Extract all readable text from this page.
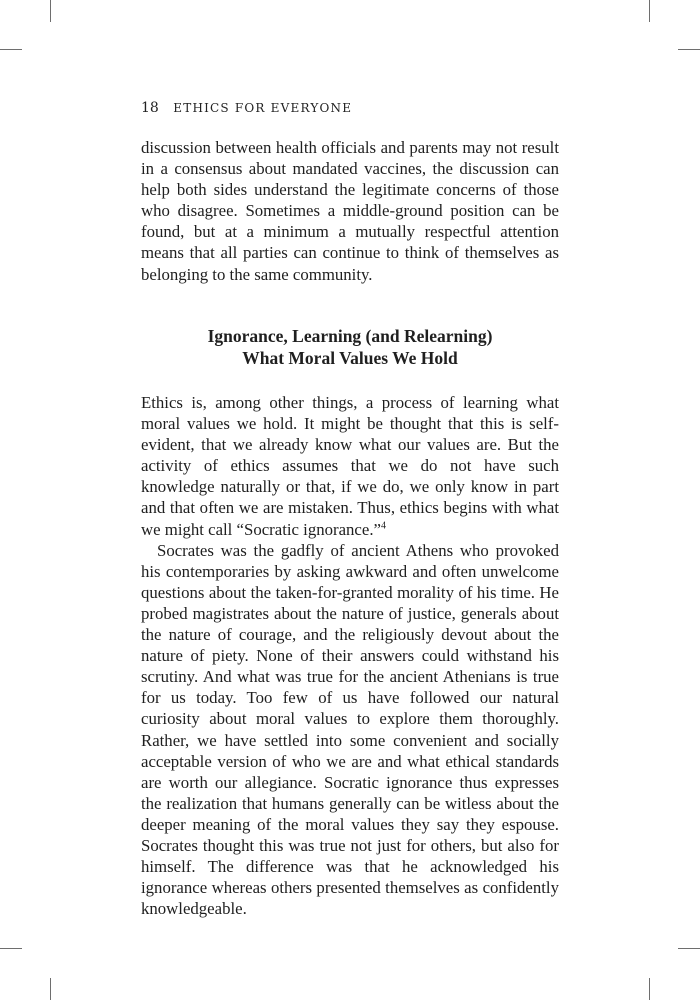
18 ETHICS FOR EVERYONE

discussion between health officials and parents may not result in a consensus about mandated vaccines, the discussion can help both sides understand the legitimate concerns of those who disagree. Sometimes a middle-ground position can be found, but at a minimum a mutually respectful attention means that all parties can continue to think of themselves as belonging to the same community.

Ignorance, Learning (and Relearning)
What Moral Values We Hold

Ethics is, among other things, a process of learning what moral values we hold. It might be thought that this is self-evident, that we already know what our values are. But the activity of ethics assumes that we do not have such knowledge naturally or that, if we do, we only know in part and that often we are mistaken. Thus, ethics begins with what we might call “Socratic ignorance.”$^4$

Socrates was the gadfly of ancient Athens who provoked his contemporaries by asking awkward and often unwelcome questions about the taken-for-granted morality of his time. He probed magistrates about the nature of justice, generals about the nature of courage, and the religiously devout about the nature of piety. None of their answers could withstand his scrutiny. And what was true for the ancient Athenians is true for us today. Too few of us have followed our natural curiosity about moral values to explore them thoroughly. Rather, we have settled into some convenient and socially acceptable version of who we are and what ethical standards are worth our allegiance. Socratic ignorance thus expresses the realization that humans generally can be witless about the deeper meaning of the moral values they say they espouse. Socrates thought this was true not just for others, but also for himself. The difference was that he acknowledged his ignorance whereas others presented themselves as confidently knowledgeable.
